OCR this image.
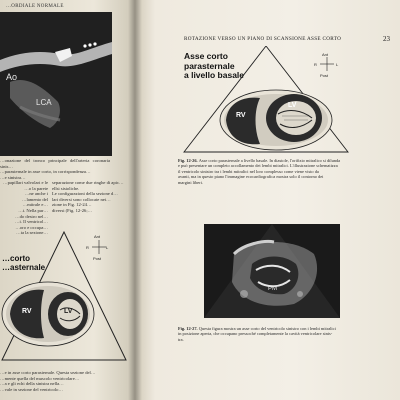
…ORDIALE NORMALE
Ao
LCA
…onazione del tronco principale dell'arteria coronaria sinis…
…parasternale in asse corto, in corrispondenza…
…e sinistra…
…papillari valvolari e le
…o la parete
…ne anche i
…lamento del
…mitrale e…
…i. Nella par…
…do destro nel…
…i. Il ventricol…
…oro e occupa…
…ta la sezione…
separazione come due ringhe di apic…
ellsi sistoliche.
Le configurazioni della sezione d…
lari diversi sono collocate nei…
zione in Fig. 12-24…
diversi (Fig. 12-26;…
…corto
…asternale
Ant
R	L
Post
RV	LV
…e in asse corto parasternale. Questa sezione del…
…mente quella del muscolo ventricolare…
…a e gli echi della sinistra nella…
…vale in sezione del ventricolo…
ROTAZIONE VERSO UN PIANO DI SCANSIONE ASSE CORTO	23
Asse corto
parasternale
a livello basale
Ant
R	L
Post
RV
LV
Fig. 12-26. Asse corto parasternale a livello basale. In diastole, l'orifizio mitralico si dilunda
e può presentare un completo accollamento dei lembi mitralici. L'illustrazione schematizza
il ventricolo sinistro tra i lembi mitralici nel loro complesso come viene visto da
avanti, ma in questo piano l'immagine ecocardiografica mostra solo il contorno dei
margini liberi.
PM
Fig. 12-27. Questa figura mostra un asse corto del ventricolo sinistro con i lembi mitralici
in posizione aperta, che occupano pressoché completamente la cavità ventricolare sinis-
tra.
